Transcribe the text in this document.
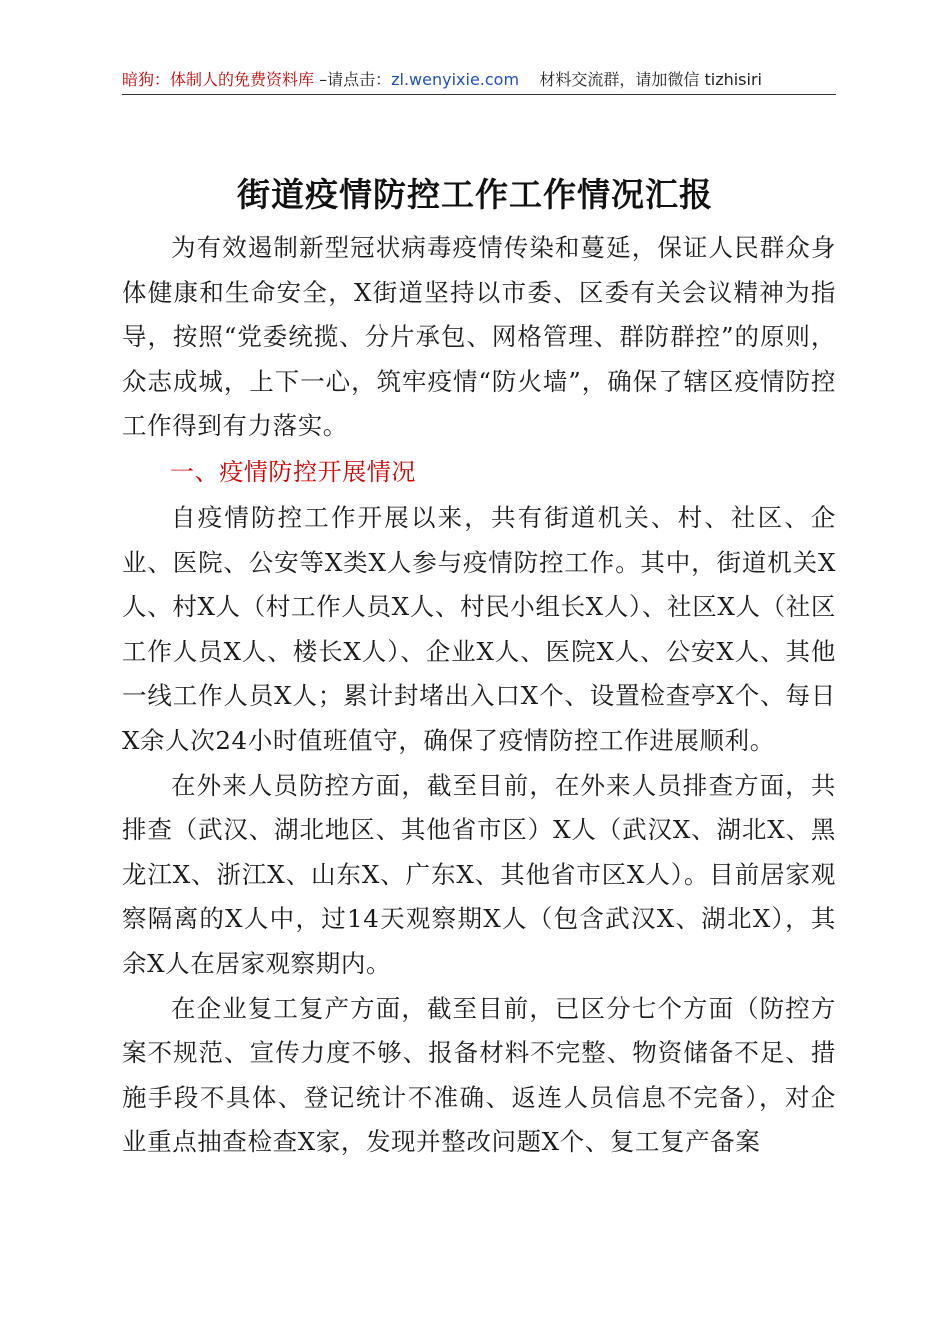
暗狗：体制人的免费资料库 –请点击：zl.wenyixie.com 材料交流群，请加微信 tizhisiri
街道疫情防控工作工作情况汇报

为有效遏制新型冠状病毒疫情传染和蔓延，保证人民群众身体健康和生命安全，X街道坚持以市委、区委有关会议精神为指导，按照“党委统揽、分片承包、网格管理、群防群控”的原则，众志成城，上下一心，筑牢疫情“防火墙”，确保了辖区疫情防控工作得到有力落实。

一、疫情防控开展情况

自疫情防控工作开展以来，共有街道机关、村、社区、企业、医院、公安等X类X人参与疫情防控工作。其中，街道机关X人、村X人（村工作人员X人、村民小组长X人）、社区X人（社区工作人员X人、楼长X人）、企业X人、医院X人、公安X人、其他一线工作人员X人；累计封堵出入口X个、设置检查亭X个、每日X余人次24小时值班值守，确保了疫情防控工作进展顺利。

在外来人员防控方面，截至目前，在外来人员排查方面，共排查（武汉、湖北地区、其他省市区）X人（武汉X、湖北X、黑龙江X、浙江X、山东X、广东X、其他省市区X人）。目前居家观察隔离的X人中，过14天观察期X人（包含武汉X、湖北X），其余X人在居家观察期内。

在企业复工复产方面，截至目前，已区分七个方面（防控方案不规范、宣传力度不够、报备材料不完整、物资储备不足、措施手段不具体、登记统计不准确、返连人员信息不完备），对企业重点抽查检查X家，发现并整改问题X个、复工复产备案
